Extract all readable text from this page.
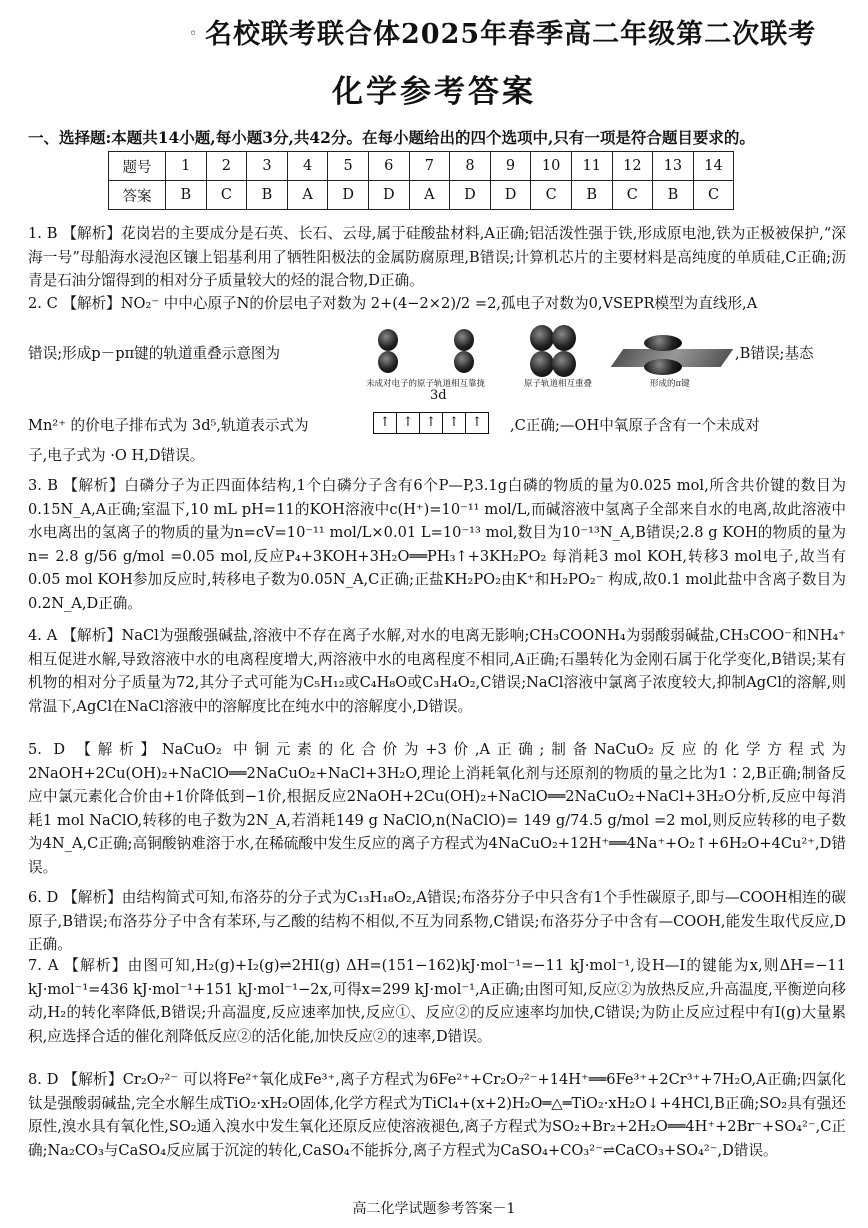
◦ 名校联考联合体2025年春季高二年级第二次联考
化学参考答案
一、选择题:本题共14小题,每小题3分,共42分。在每小题给出的四个选项中,只有一项是符合题目要求的。
题号	1	2	3	4	5	6	7	8	9	10	11	12	13	14
答案	B	C	B	A	D	D	A	D	D	C	B	C	B	C
1. B 【解析】花岗岩的主要成分是石英、长石、云母,属于硅酸盐材料,A正确;铝活泼性强于铁,形成原电池,铁为正极被保护,“深海一号”母船海水浸泡区镶上铝基利用了牺牲阳极法的金属防腐原理,B错误;计算机芯片的主要材料是高纯度的单质硅,C正确;沥青是石油分馏得到的相对分子质量较大的烃的混合物,D正确。
2. C 【解析】NO₂⁻ 中中心原子N的价层电子对数为 2+(4−2×2)/2 =2,孤电子对数为0,VSEPR模型为直线形,A
错误;形成p－pπ键的轨道重叠示意图为
未成对电子的原子轨道相互靠拢	原子轨道相互重叠	形成的π键
,B错误;基态
3d
Mn²⁺ 的价电子排布式为 3d⁵,轨道表示式为	↑ ↑ ↑ ↑ ↑	,C正确;—OH中氧原子含有一个未成对
子,电子式为 ·O H,D错误。
3. B 【解析】白磷分子为正四面体结构,1个白磷分子含有6个P—P,3.1g白磷的物质的量为0.025 mol,所含共价键的数目为0.15N_A,A正确;室温下,10 mL pH=11的KOH溶液中c(H⁺)=10⁻¹¹ mol/L,而碱溶液中氢离子全部来自水的电离,故此溶液中水电离出的氢离子的物质的量为n=cV=10⁻¹¹ mol/L×0.01 L=10⁻¹³ mol,数目为10⁻¹³N_A,B错误;2.8 g KOH的物质的量为n= 2.8 g/56 g/mol =0.05 mol,反应P₄+3KOH+3H₂O══PH₃↑+3KH₂PO₂ 每消耗3 mol KOH,转移3 mol电子,故当有0.05 mol KOH参加反应时,转移电子数为0.05N_A,C正确;正盐KH₂PO₂由K⁺和H₂PO₂⁻ 构成,故0.1 mol此盐中含离子数目为0.2N_A,D正确。
4. A 【解析】NaCl为强酸强碱盐,溶液中不存在离子水解,对水的电离无影响;CH₃COONH₄为弱酸弱碱盐,CH₃COO⁻和NH₄⁺相互促进水解,导致溶液中水的电离程度增大,两溶液中水的电离程度不相同,A正确;石墨转化为金刚石属于化学变化,B错误;某有机物的相对分子质量为72,其分子式可能为C₅H₁₂或C₄H₈O或C₃H₄O₂,C错误;NaCl溶液中氯离子浓度较大,抑制AgCl的溶解,则常温下,AgCl在NaCl溶液中的溶解度比在纯水中的溶解度小,D错误。
5. D 【解析】NaCuO₂ 中铜元素的化合价为+3价,A正确;制备NaCuO₂反应的化学方程式为2NaOH+2Cu(OH)₂+NaClO══2NaCuO₂+NaCl+3H₂O,理论上消耗氧化剂与还原剂的物质的量之比为1∶2,B正确;制备反应中氯元素化合价由+1价降低到−1价,根据反应2NaOH+2Cu(OH)₂+NaClO══2NaCuO₂+NaCl+3H₂O分析,反应中每消耗1 mol NaClO,转移的电子数为2N_A,若消耗149 g NaClO,n(NaClO)= 149 g/74.5 g/mol =2 mol,则反应转移的电子数为4N_A,C正确;高铜酸钠难溶于水,在稀硫酸中发生反应的离子方程式为4NaCuO₂+12H⁺══4Na⁺+O₂↑+6H₂O+4Cu²⁺,D错误。
6. D 【解析】由结构简式可知,布洛芬的分子式为C₁₃H₁₈O₂,A错误;布洛芬分子中只含有1个手性碳原子,即与—COOH相连的碳原子,B错误;布洛芬分子中含有苯环,与乙酸的结构不相似,不互为同系物,C错误;布洛芬分子中含有—COOH,能发生取代反应,D正确。
7. A 【解析】由图可知,H₂(g)+I₂(g)⇌2HI(g) ΔH=(151−162)kJ·mol⁻¹=−11 kJ·mol⁻¹,设H—I的键能为x,则ΔH=−11 kJ·mol⁻¹=436 kJ·mol⁻¹+151 kJ·mol⁻¹−2x,可得x=299 kJ·mol⁻¹,A正确;由图可知,反应②为放热反应,升高温度,平衡逆向移动,H₂的转化率降低,B错误;升高温度,反应速率加快,反应①、反应②的反应速率均加快,C错误;为防止反应过程中有I(g)大量累积,应选择合适的催化剂降低反应②的活化能,加快反应②的速率,D错误。
8. D 【解析】Cr₂O₇²⁻ 可以将Fe²⁺氧化成Fe³⁺,离子方程式为6Fe²⁺+Cr₂O₇²⁻+14H⁺══6Fe³⁺+2Cr³⁺+7H₂O,A正确;四氯化钛是强酸弱碱盐,完全水解生成TiO₂·xH₂O固体,化学方程式为TiCl₄+(x+2)H₂O═△═TiO₂·xH₂O↓+4HCl,B正确;SO₂具有强还原性,溴水具有氧化性,SO₂通入溴水中发生氧化还原反应使溶液褪色,离子方程式为SO₂+Br₂+2H₂O══4H⁺+2Br⁻+SO₄²⁻,C正确;Na₂CO₃与CaSO₄反应属于沉淀的转化,CaSO₄不能拆分,离子方程式为CaSO₄+CO₃²⁻⇌CaCO₃+SO₄²⁻,D错误。
高二化学试题参考答案－1
